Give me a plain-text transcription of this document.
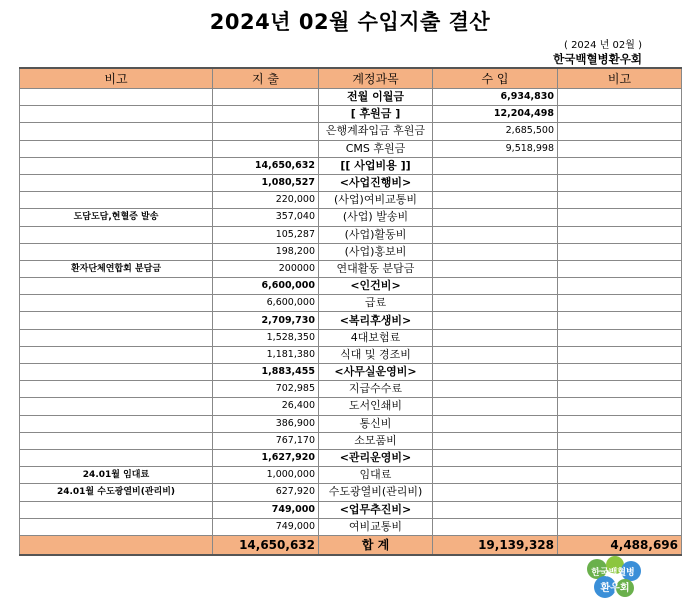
2024년 02월 수입지출 결산
( 2024 년 02월 )
한국백혈병환우회
비고	지 출	계정과목	수 입	비고
		전월 이월금	6,934,830	
		[ 후원금 ]	12,204,498	
		은행계좌입금 후원금	2,685,500	
		CMS 후원금	9,518,998	
	14,650,632	[[ 사업비용 ]]		
	1,080,527	<사업진행비>		
	220,000	(사업)여비교통비		
도담도담,현혈증 발송	357,040	(사업) 발송비		
	105,287	(사업)활동비		
	198,200	(사업)홍보비		
환자단체연합회 분담금	200000	연대활동 분담금		
	6,600,000	<인건비>		
	6,600,000	급료		
	2,709,730	<복리후생비>		
	1,528,350	4대보험료		
	1,181,380	식대 및 경조비		
	1,883,455	<사무실운영비>		
	702,985	지급수수료		
	26,400	도서인쇄비		
	386,900	통신비		
	767,170	소모품비		
	1,627,920	<관리운영비>		
24.01월 임대료	1,000,000	임대료		
24.01월 수도광열비(관리비)	627,920	수도광열비(관리비)		
	749,000	<업무추진비>		
	749,000	여비교통비		
	14,650,632	합 계	19,139,328	4,488,696
한국백혈병
환우회
